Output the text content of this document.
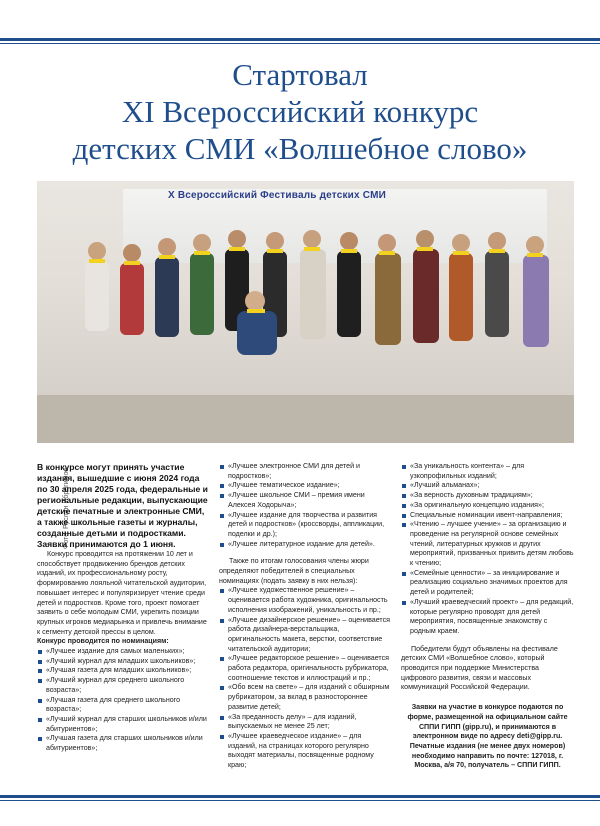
Стартовал
XI Всероссийский конкурс
детских СМИ «Волшебное слово»
X Всероссийский Фестиваль детских СМИ
Фото: Руслан Ибрагимов

В конкурсе могут принять участие издания, вышедшие с июня 2024 года по 30 апреля 2025 года, федеральные и региональные редакции, выпускающие детские печатные и электронные СМИ, а также школьные газеты и журналы, созданные детьми и подростками. Заявки принимаются до 1 июня.

Конкурс проводится на протяжении 10 лет и способствует продвижению брендов детских изданий, их профессиональному росту, формированию лояльной читательской аудитории, повышает интерес и популяризирует чтение среди детей и подростков. Кроме того, проект помогает заявить о себе молодым СМИ, укрепить позиции крупных игроков медиарынка и привлечь внимание к сегменту детской прессы в целом.

Конкурс проводится по номинациям:

«Лучшее издание для самых маленьких»;

«Лучший журнал для младших школьников»;

«Лучшая газета для младших школьников»;

«Лучший журнал для среднего школьного возраста»;

«Лучшая газета для среднего школьного возраста»;

«Лучший журнал для старших школьников и/или абитуриентов»;

«Лучшая газета для старших школьников и/или абитуриентов»;

«Лучшее электронное СМИ для детей и подростков»;

«Лучшее тематическое издание»;

«Лучшее школьное СМИ – премия имени Алексея Ходорыча»;

«Лучшее издание для творчества и развития детей и подростков» (кроссворды, аппликации, поделки и др.);

«Лучшее литературное издание для детей».

Также по итогам голосования члены жюри определяют победителей в специальных номинациях (подать заявку в них нельзя):

«Лучшее художественное решение» – оценивается работа художника, оригинальность исполнения изображений, уникальность и пр.;

«Лучшее дизайнерское решение» – оценивается работа дизайнера-верстальщика, оригинальность макета, верстки, соответствие читательской аудитории;

«Лучшее редакторское решение» – оценивается работа редактора, оригинальность рубрикатора, соотношение текстов и иллюстраций и пр.;

«Обо всем на свете» – для изданий с обширным рубрикатором, за вклад в разностороннее развитие детей;

«За преданность делу» – для изданий, выпускаемых не менее 25 лет;

«Лучшее краеведческое издание» – для изданий, на страницах которого регулярно выходят материалы, посвященные родному краю;

«За уникальность контента» – для узкопрофильных изданий;

«Лучший альманах»;

«За верность духовным традициям»;

«За оригинальную концепцию издания»;

Специальные номинации ивент-направления;

«Чтению – лучшее учение» – за организацию и проведение на регулярной основе семейных чтений, литературных кружков и других мероприятий, призванных привить детям любовь к чтению;

«Семейные ценности» – за инициирование и реализацию социально значимых проектов для детей и родителей;

«Лучший краеведческий проект» – для редакций, которые регулярно проводят для детей мероприятия, посвященные знакомству с родным краем.

Победители будут объявлены на фестивале детских СМИ «Волшебное слово», который проводится при поддержке Министерства цифрового развития, связи и массовых коммуникаций Российской Федерации.

Заявки на участие в конкурсе подаются по форме, размещенной на официальном сайте СППИ ГИПП (gipp.ru), и принимаются в электронном виде по адресу deti@gipp.ru. Печатные издания (не менее двух номеров) необходимо направить по почте: 127018, г. Москва, а/я 70, получатель – СППИ ГИПП.
